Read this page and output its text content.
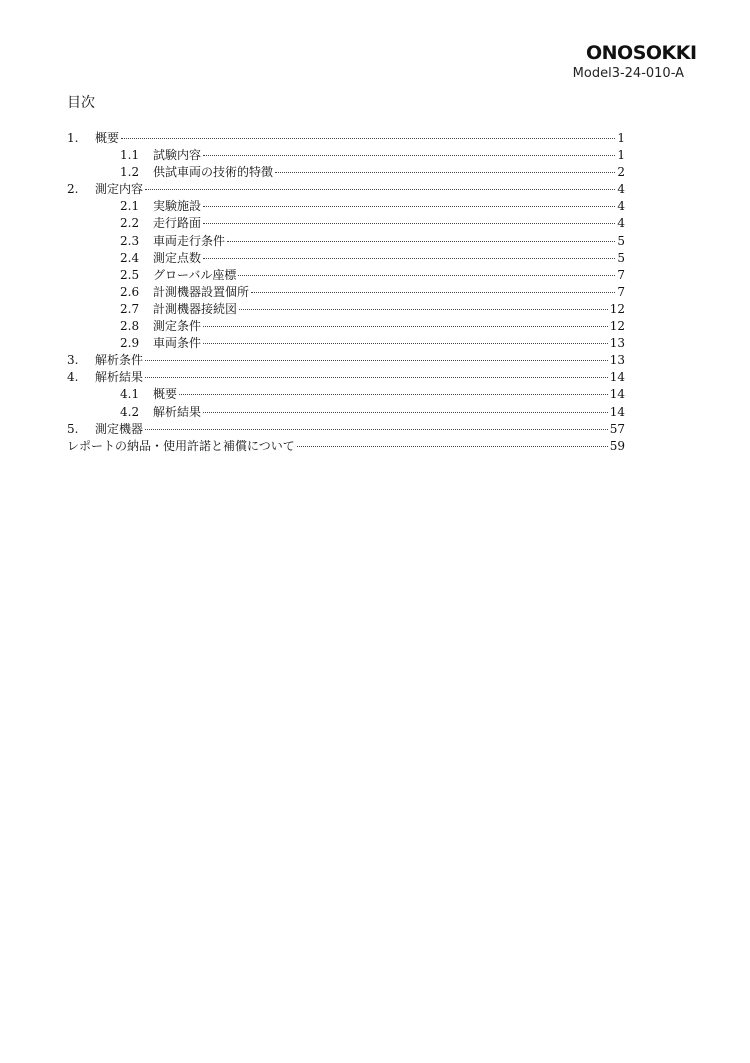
ONOSOKKI
Model3-24-010-A
目次
1.	概要	1
1.1	試験内容	1
1.2	供試車両の技術的特徴	2
2.	測定内容	4
2.1	実験施設	4
2.2	走行路面	4
2.3	車両走行条件	5
2.4	測定点数	5
2.5	グローバル座標	7
2.6	計測機器設置個所	7
2.7	計測機器接続図	12
2.8	測定条件	12
2.9	車両条件	13
3.	解析条件	13
4.	解析結果	14
4.1	概要	14
4.2	解析結果	14
5.	測定機器	57
レポートの納品・使用許諾と補償について	59
